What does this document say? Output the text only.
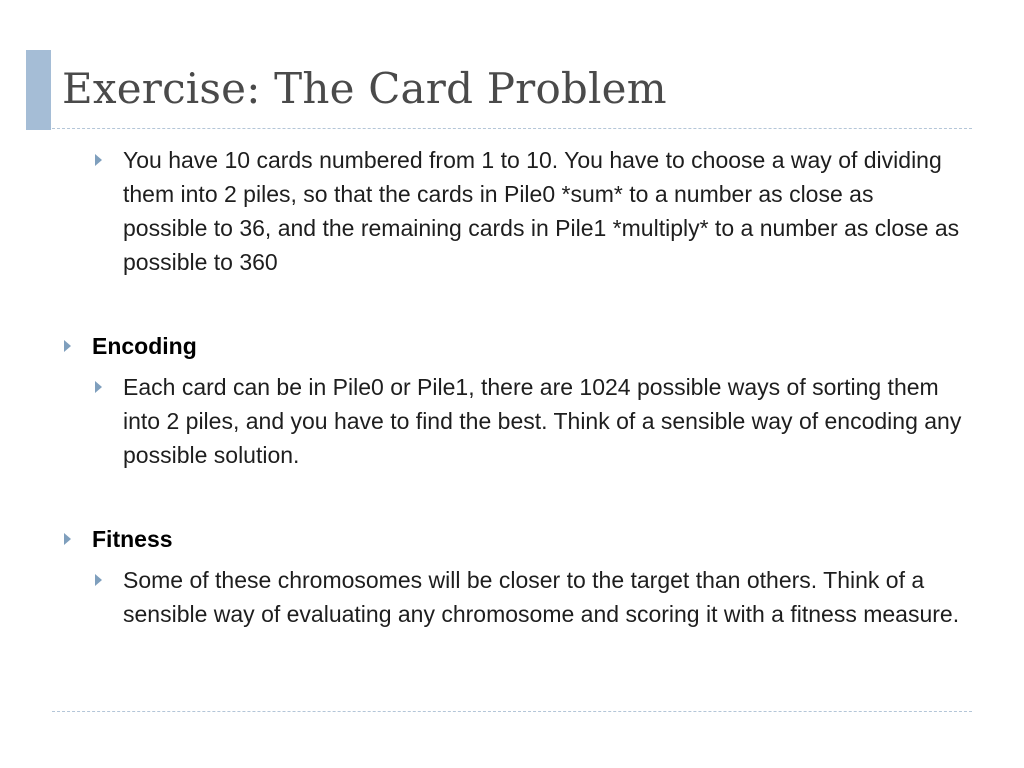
Exercise: The Card Problem

You have 10 cards numbered from 1 to 10. You have to choose a way of dividing them into 2 piles, so that the cards in Pile0 *sum* to a number as close as possible to 36, and the remaining cards in Pile1 *multiply* to a number as close as possible to 360

Encoding

Each card can be in Pile0 or Pile1, there are 1024 possible ways of sorting them into 2 piles, and you have to find the best. Think of a sensible way of encoding any possible solution.

Fitness

Some of these chromosomes will be closer to the target than others. Think of a sensible way of evaluating any chromosome and scoring it with a fitness measure.
